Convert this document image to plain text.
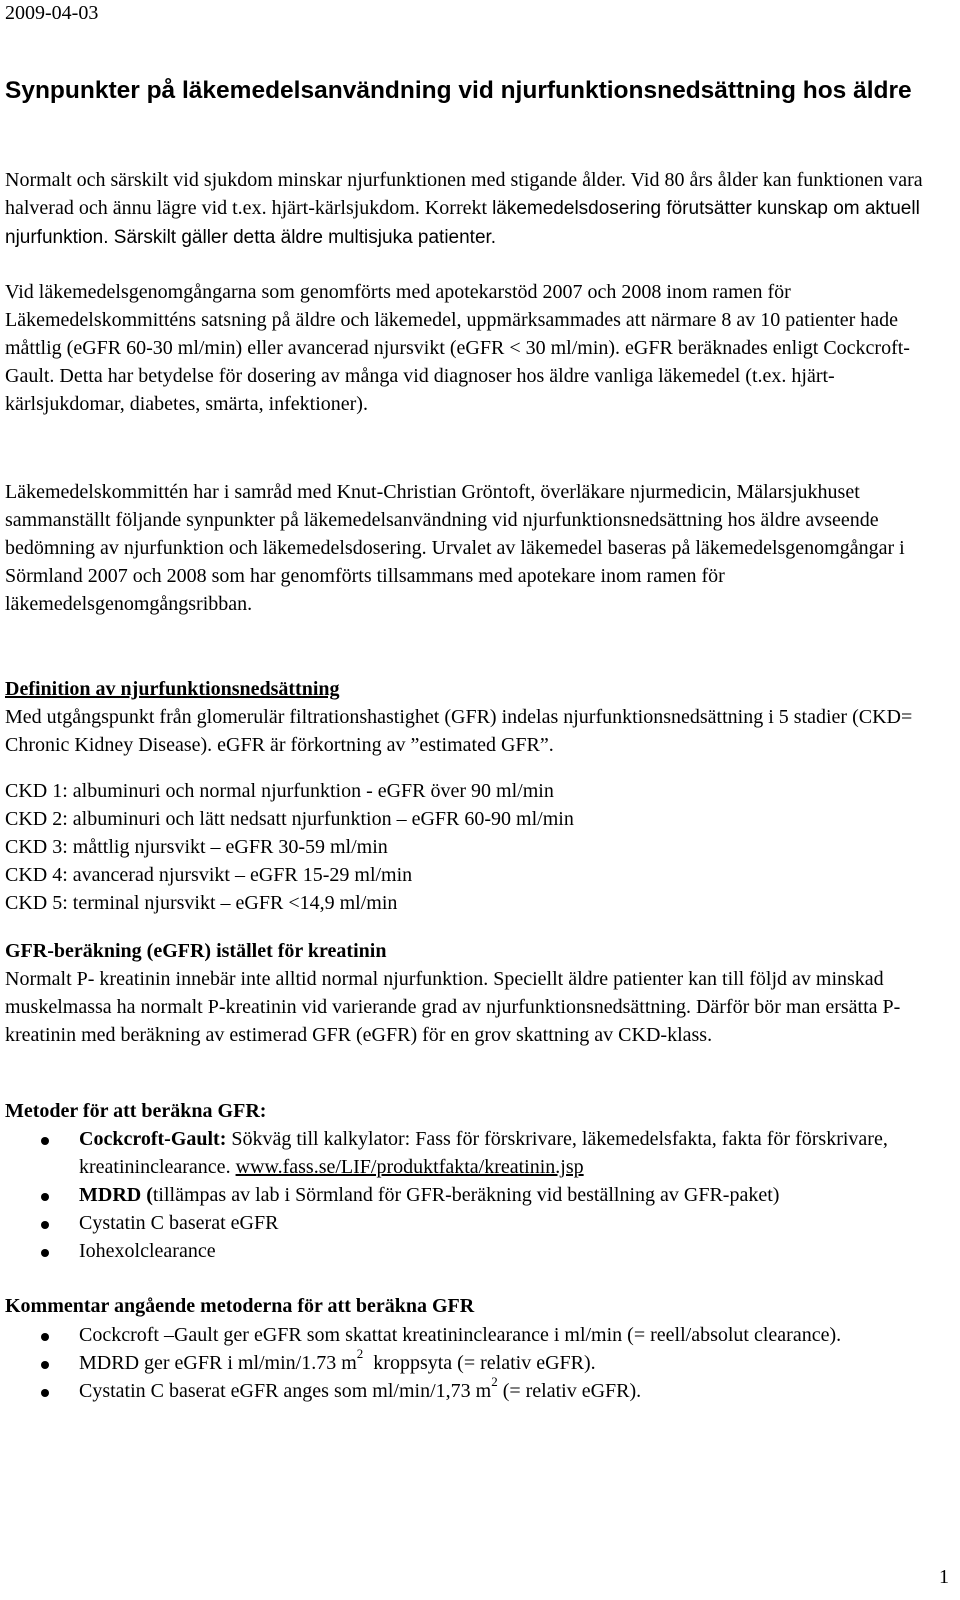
2009-04-03
Synpunkter på läkemedelsanvändning vid njurfunktionsnedsättning hos äldre

Normalt och särskilt vid sjukdom minskar njurfunktionen med stigande ålder. Vid 80 års ålder kan funktionen vara halverad och ännu lägre vid t.ex. hjärt-kärlsjukdom. Korrekt läkemedelsdosering förutsätter kunskap om aktuell njurfunktion. Särskilt gäller detta äldre multisjuka patienter.

Vid läkemedelsgenomgångarna som genomförts med apotekarstöd 2007 och 2008 inom ramen för Läkemedelskommitténs satsning på äldre och läkemedel, uppmärksammades att närmare 8 av 10 patienter hade måttlig (eGFR 60-30 ml/min) eller avancerad njursvikt (eGFR < 30 ml/min). eGFR beräknades enligt Cockcroft-Gault. Detta har betydelse för dosering av många vid diagnoser hos äldre vanliga läkemedel (t.ex. hjärt-kärlsjukdomar, diabetes, smärta, infektioner).

Läkemedelskommittén har i samråd med Knut-Christian Gröntoft, överläkare njurmedicin, Mälarsjukhuset sammanställt följande synpunkter på läkemedelsanvändning vid njurfunktionsnedsättning hos äldre avseende bedömning av njurfunktion och läkemedelsdosering. Urvalet av läkemedel baseras på läkemedelsgenomgångar i Sörmland 2007 och 2008 som har genomförts tillsammans med apotekare inom ramen för läkemedelsgenomgångsribban.

Definition av njurfunktionsnedsättning
Med utgångspunkt från glomerulär filtrationshastighet (GFR) indelas njurfunktionsnedsättning i 5 stadier (CKD= Chronic Kidney Disease). eGFR är förkortning av ”estimated GFR”.
CKD 1: albuminuri och normal njurfunktion - eGFR över 90 ml/min
CKD 2: albuminuri och lätt nedsatt njurfunktion – eGFR 60-90 ml/min
CKD 3: måttlig njursvikt – eGFR 30-59 ml/min
CKD 4: avancerad njursvikt – eGFR 15-29 ml/min
CKD 5: terminal njursvikt – eGFR <14,9 ml/min
GFR-beräkning (eGFR) istället för kreatinin
Normalt P- kreatinin innebär inte alltid normal njurfunktion. Speciellt äldre patienter kan till följd av minskad muskelmassa ha normalt P-kreatinin vid varierande grad av njurfunktionsnedsättning. Därför bör man ersätta P-kreatinin med beräkning av estimerad GFR (eGFR) för en grov skattning av CKD-klass.
Metoder för att beräkna GFR:
Cockcroft-Gault: Sökväg till kalkylator: Fass för förskrivare, läkemedelsfakta, fakta för förskrivare, kreatininclearance. www.fass.se/LIF/produktfakta/kreatinin.jsp
MDRD (tillämpas av lab i Sörmland för GFR-beräkning vid beställning av GFR-paket)
Cystatin C baserat eGFR
Iohexolclearance
Kommentar angående metoderna för att beräkna GFR
Cockcroft –Gault ger eGFR som skattat kreatininclearance i ml/min (= reell/absolut clearance).
MDRD ger eGFR i ml/min/1.73 $m^2$  kroppsyta (= relativ eGFR).
Cystatin C baserat eGFR anges som ml/min/1,73 $m^2$ (= relativ eGFR).
1
